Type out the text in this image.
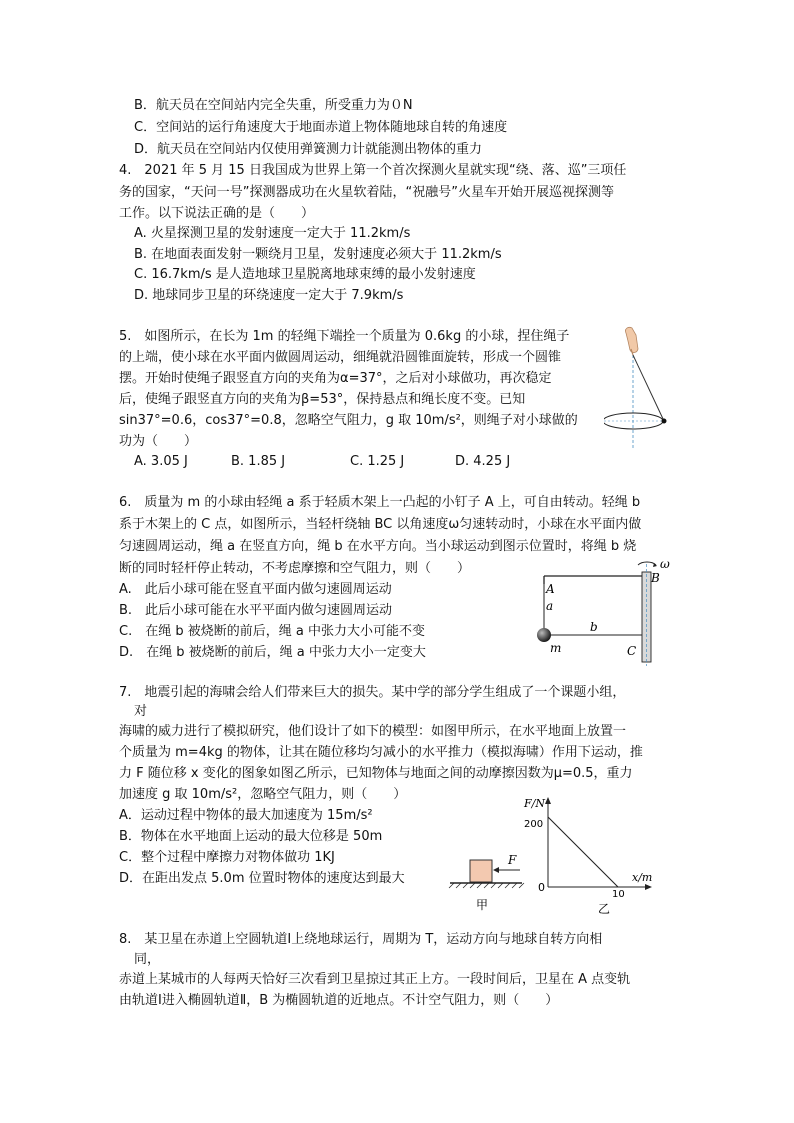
B．航天员在空间站内完全失重，所受重力为０N
C．空间站的运行角速度大于地面赤道上物体随地球自转的角速度
D．航天员在空间站内仅使用弹簧测力计就能测出物体的重力
4.　2021 年 5 月 15 日我国成为世界上第一个首次探测火星就实现“绕、落、巡”三项任
务的国家，“天问一号”探测器成功在火星软着陆，“祝融号”火星车开始开展巡视探测等
工作。以下说法正确的是（　　）
A. 火星探测卫星的发射速度一定大于 11.2km/s
B. 在地面表面发射一颗绕月卫星，发射速度必须大于 11.2km/s
C. 16.7km/s 是人造地球卫星脱离地球束缚的最小发射速度
D. 地球同步卫星的环绕速度一定大于 7.9km/s
5.　如图所示，在长为 1m 的轻绳下端拴一个质量为 0.6kg 的小球，捏住绳子
的上端，使小球在水平面内做圆周运动，细绳就沿圆锥面旋转，形成一个圆锥
摆。开始时使绳子跟竖直方向的夹角为α=37°，之后对小球做功，再次稳定
后，使绳子跟竖直方向的夹角为β=53°，保持悬点和绳长度不变。已知
sin37°=0.6，cos37°=0.8，忽略空气阻力，g 取 10m/s²，则绳子对小球做的
功为（　　）
A. 3.05 J	B. 1.85 J	C. 1.25 J	D. 4.25 J
6.　质量为 m 的小球由轻绳 a 系于轻质木架上一凸起的小钉子 A 上，可自由转动。轻绳 b
系于木架上的 C 点，如图所示，当轻杆绕轴 BC 以角速度ω匀速转动时，小球在水平面内做
匀速圆周运动，绳 a 在竖直方向，绳 b 在水平方向。当小球运动到图示位置时，将绳 b 烧
断的同时轻杆停止转动，不考虑摩擦和空气阻力，则（　　）
A.　此后小球可能在竖直平面内做匀速圆周运动
B.　此后小球可能在水平平面内做匀速圆周运动
C.　在绳 b 被烧断的前后，绳 a 中张力大小可能不变
D.　在绳 b 被烧断的前后，绳 a 中张力大小一定变大
ω
B
A
a
b
m	C
7.　地震引起的海啸会给人们带来巨大的损失。某中学的部分学生组成了一个课题小组，
对
海啸的威力进行了模拟研究，他们设计了如下的模型：如图甲所示，在水平地面上放置一
个质量为 m=4kg 的物体，让其在随位移均匀减小的水平推力（模拟海啸）作用下运动，推
力 F 随位移 x 变化的图象如图乙所示，已知物体与地面之间的动摩擦因数为μ=0.5，重力
加速度 g 取 10m/s²，忽略空气阻力，则（　　）
A．运动过程中物体的最大加速度为 15m/s²
B．物体在水平地面上运动的最大位移是 50m
C．整个过程中摩擦力对物体做功 1KJ
D．在距出发点 5.0m 位置时物体的速度达到最大
F
甲
F/N
x/m
0
200
10
乙
8.　某卫星在赤道上空圆轨道Ⅰ上绕地球运行，周期为 T，运动方向与地球自转方向相
同，
赤道上某城市的人每两天恰好三次看到卫星掠过其正上方。一段时间后，卫星在 A 点变轨
由轨道Ⅰ进入椭圆轨道Ⅱ，B 为椭圆轨道的近地点。不计空气阻力，则（　　）
